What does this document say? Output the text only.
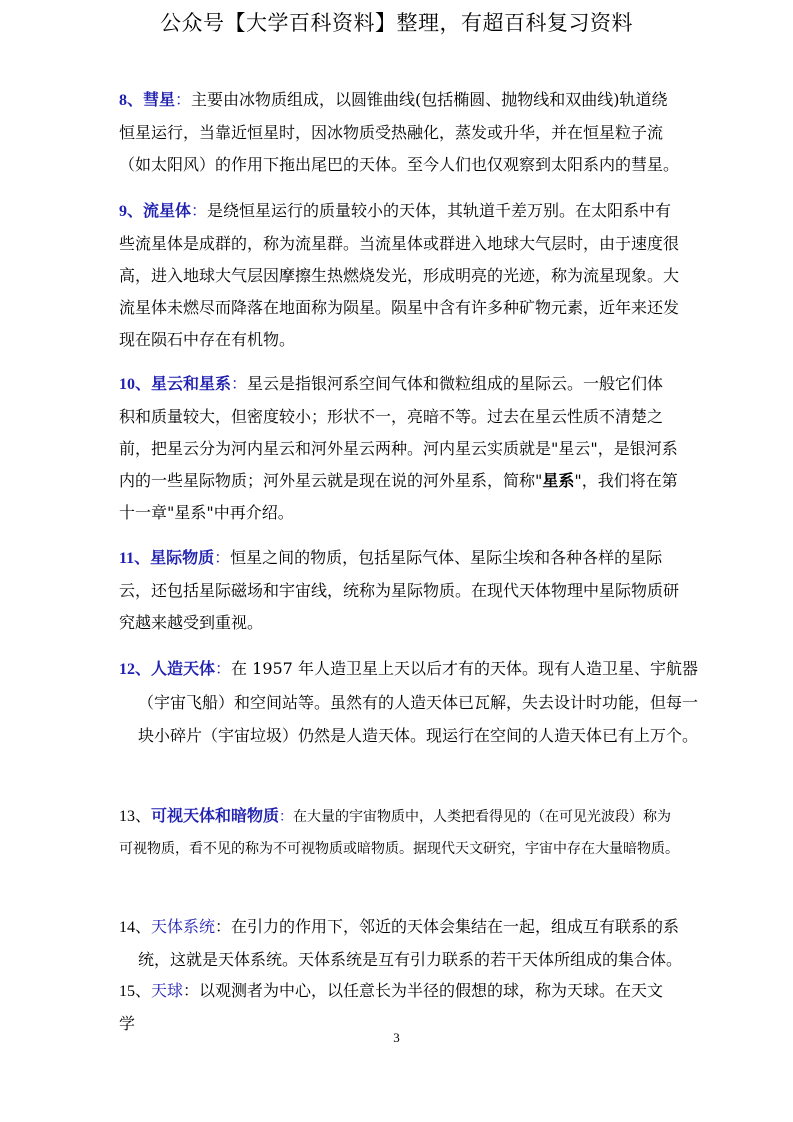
公众号【大学百科资料】整理，有超百科复习资料

8、彗星：主要由冰物质组成，以圆锥曲线(包括椭圆、抛物线和双曲线)轨道绕恒星运行，当靠近恒星时，因冰物质受热融化，蒸发或升华，并在恒星粒子流（如太阳风）的作用下拖出尾巴的天体。至今人们也仅观察到太阳系内的彗星。

9、流星体：是绕恒星运行的质量较小的天体，其轨道千差万别。在太阳系中有些流星体是成群的，称为流星群。当流星体或群进入地球大气层时，由于速度很高，进入地球大气层因摩擦生热燃烧发光，形成明亮的光迹，称为流星现象。大流星体未燃尽而降落在地面称为陨星。陨星中含有许多种矿物元素，近年来还发现在陨石中存在有机物。

10、星云和星系：星云是指银河系空间气体和微粒组成的星际云。一般它们体积和质量较大，但密度较小；形状不一，亮暗不等。过去在星云性质不清楚之前，把星云分为河内星云和河外星云两种。河内星云实质就是"星云"，是银河系内的一些星际物质；河外星云就是现在说的河外星系，简称"星系"，我们将在第十一章"星系"中再介绍。

11、星际物质：恒星之间的物质，包括星际气体、星际尘埃和各种各样的星际云，还包括星际磁场和宇宙线，统称为星际物质。在现代天体物理中星际物质研究越来越受到重视。

12、人造天体：在 1957 年人造卫星上天以后才有的天体。现有人造卫星、宇航器（宇宙飞船）和空间站等。虽然有的人造天体已瓦解，失去设计时功能，但每一块小碎片（宇宙垃圾）仍然是人造天体。现运行在空间的人造天体已有上万个。

13、可视天体和暗物质：在大量的宇宙物质中，人类把看得见的（在可见光波段）称为可视物质，看不见的称为不可视物质或暗物质。据现代天文研究，宇宙中存在大量暗物质。

14、天体系统：在引力的作用下，邻近的天体会集结在一起，组成互有联系的系统，这就是天体系统。天体系统是互有引力联系的若干天体所组成的集合体。

15、天球：以观测者为中心，以任意长为半径的假想的球，称为天球。在天文学

3
